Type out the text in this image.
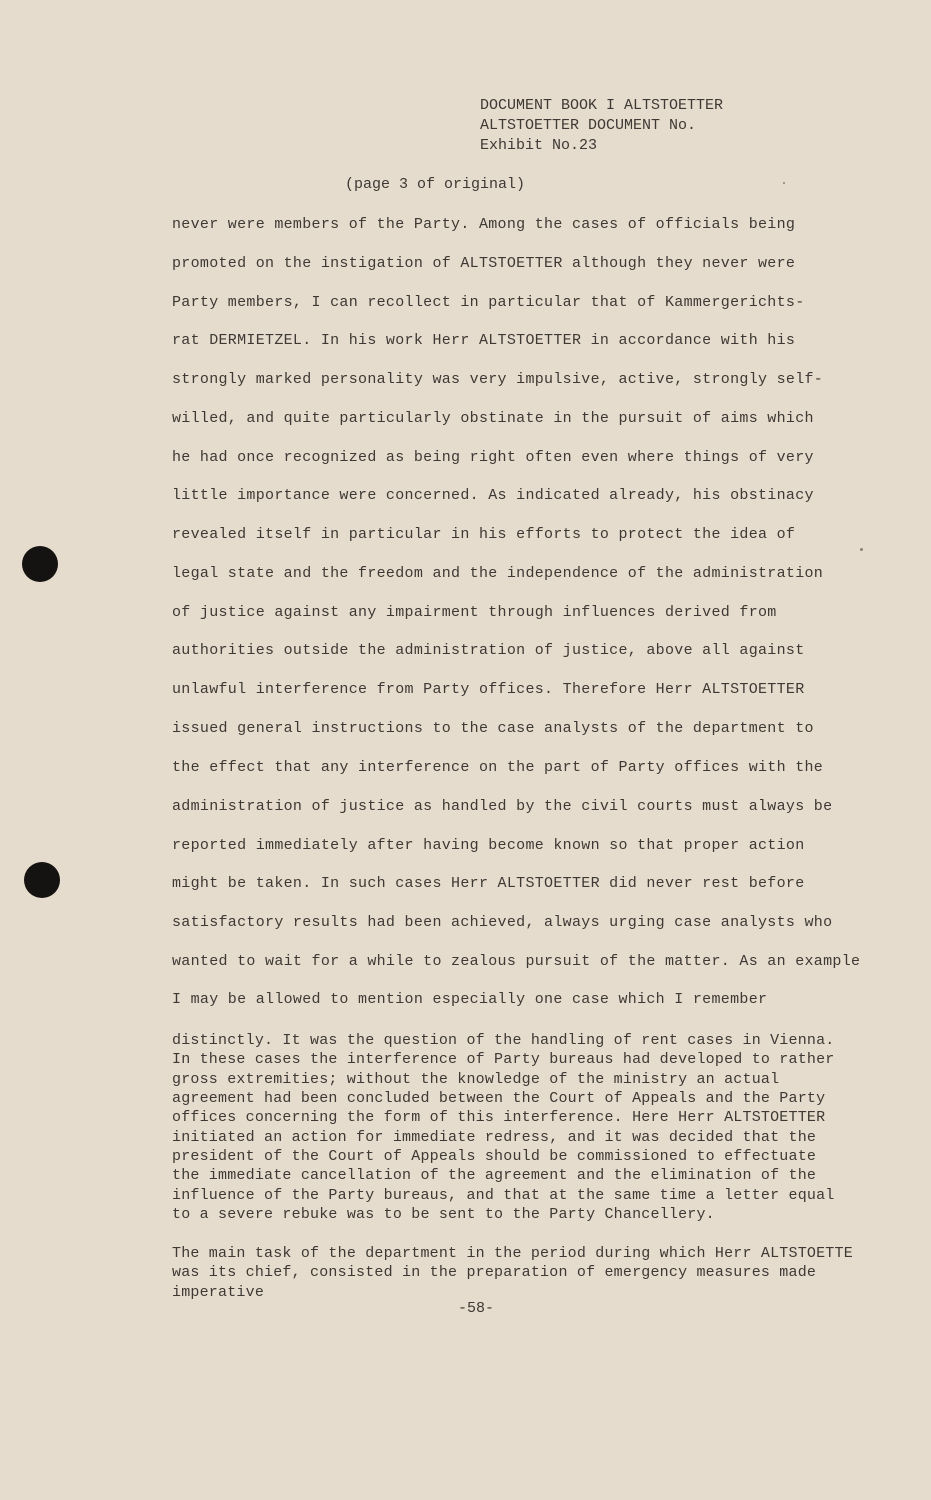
DOCUMENT BOOK I ALTSTOETTER
ALTSTOETTER DOCUMENT No.
Exhibit No.23
(page 3 of original)
never were members of the Party. Among the cases of officials being
promoted on the instigation of ALTSTOETTER although they never were
Party members, I can recollect in particular that of Kammergerichts-
rat DERMIETZEL. In his work Herr ALTSTOETTER in accordance with his
strongly marked personality was very impulsive, active, strongly self-
willed, and quite particularly obstinate in the pursuit of aims which
he had once recognized as being right often even where things of very
little importance were concerned. As indicated already, his obstinacy
revealed itself in particular in his efforts to protect the idea of
legal state and the freedom and the independence of the administration
of justice against any impairment through influences derived from
authorities outside the administration of justice, above all against
unlawful interference from Party offices. Therefore Herr ALTSTOETTER
issued general instructions to the case analysts of the department to
the effect that any interference on the part of Party offices with the
administration of justice as handled by the civil courts must always be
reported immediately after having become known so that proper action
might be taken. In such cases Herr ALTSTOETTER did never rest before
satisfactory results had been achieved, always urging case analysts who
wanted to wait for a while to zealous pursuit of the matter. As an example
I may be allowed to mention especially one case which I remember
distinctly. It was the question of the handling of rent cases in Vienna.
In these cases the interference of Party bureaus had developed to rather
gross extremities; without the knowledge of the ministry an actual
agreement had been concluded between the Court of Appeals and the Party
offices concerning the form of this interference. Here Herr ALTSTOETTER
initiated an action for immediate redress, and it was decided that the
president of the Court of Appeals should be commissioned to effectuate
the immediate cancellation of the agreement and the elimination of the
influence of the Party bureaus, and that at the same time a letter equal
to a severe rebuke was to be sent to the Party Chancellery.
The main task of the department in the period during which Herr ALTSTOETTE
was its chief, consisted in the preparation of emergency measures made
imperative
-58-
